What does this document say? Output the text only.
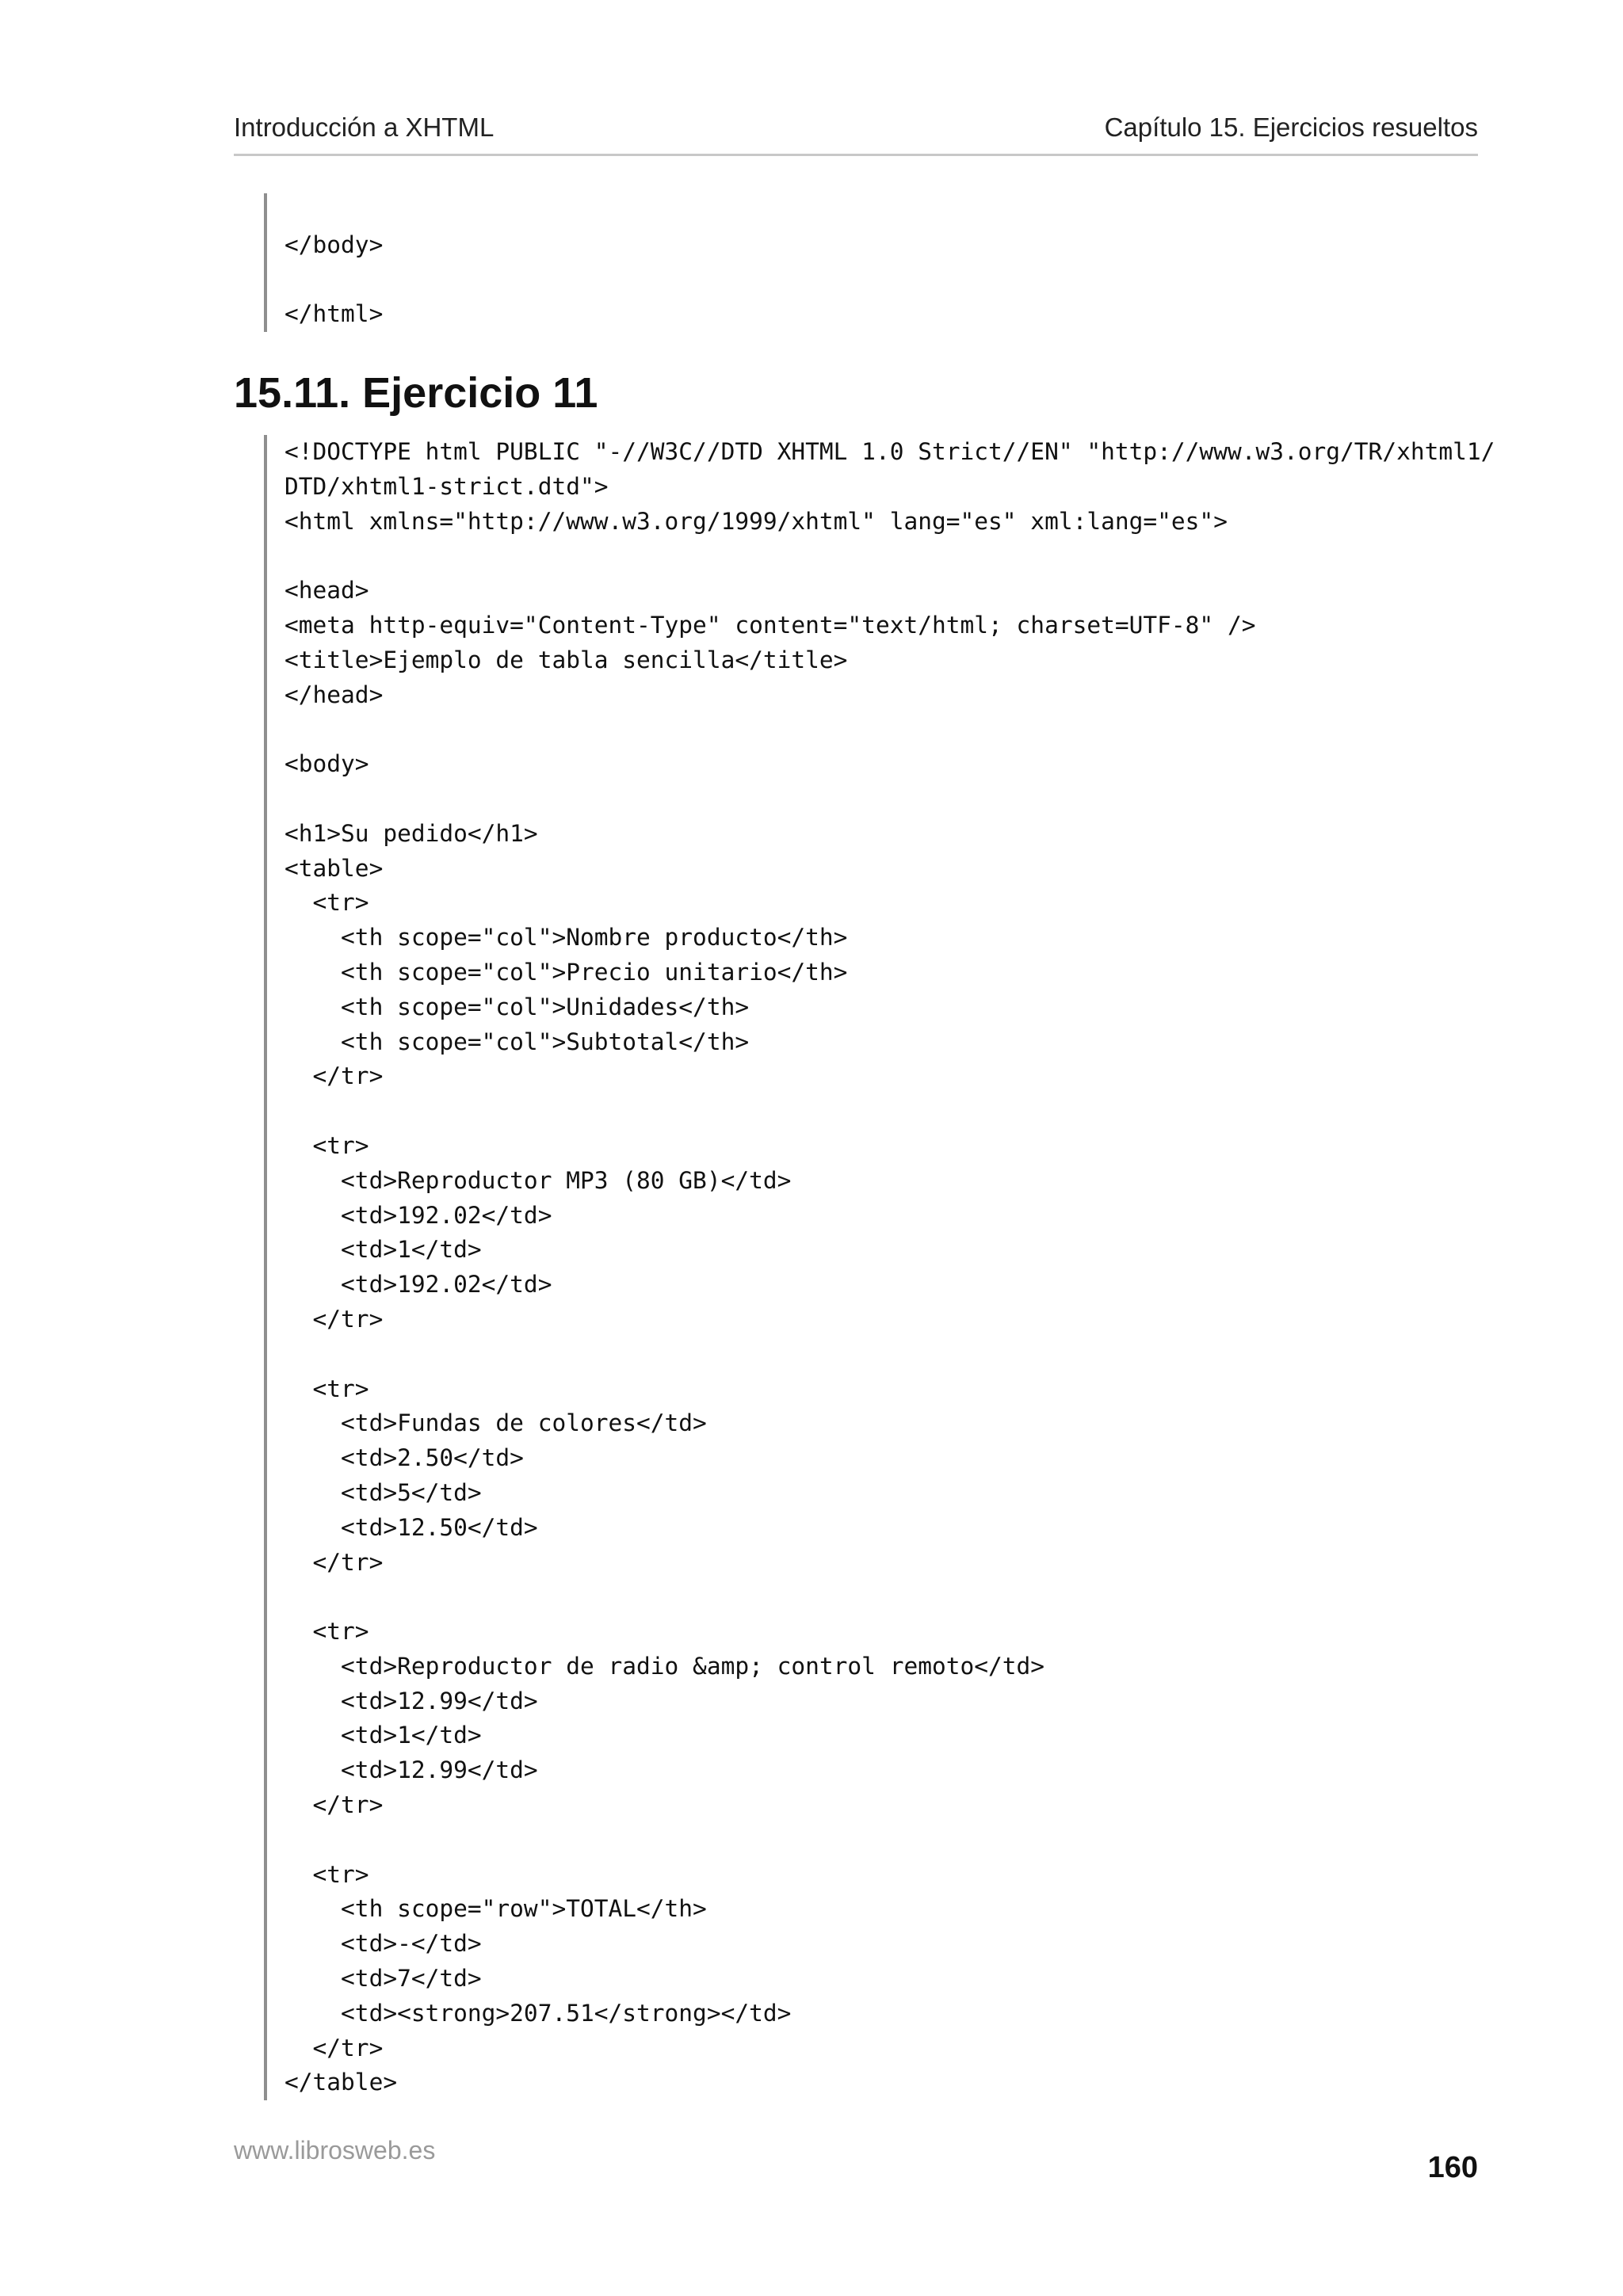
Introducción a XHTML	Capítulo 15. Ejercicios resueltos
</body>
</html>
15.11. Ejercicio 11
<!DOCTYPE html PUBLIC "-//W3C//DTD XHTML 1.0 Strict//EN" "http://www.w3.org/TR/xhtml1/
DTD/xhtml1-strict.dtd">
<html xmlns="http://www.w3.org/1999/xhtml" lang="es" xml:lang="es">
<head>
<meta http-equiv="Content-Type" content="text/html; charset=UTF-8" />
<title>Ejemplo de tabla sencilla</title>
</head>
<body>
<h1>Su pedido</h1>
<table>
<tr>
<th scope="col">Nombre producto</th>
<th scope="col">Precio unitario</th>
<th scope="col">Unidades</th>
<th scope="col">Subtotal</th>
</tr>
<tr>
<td>Reproductor MP3 (80 GB)</td>
<td>192.02</td>
<td>1</td>
<td>192.02</td>
</tr>
<tr>
<td>Fundas de colores</td>
<td>2.50</td>
<td>5</td>
<td>12.50</td>
</tr>
<tr>
<td>Reproductor de radio &amp; control remoto</td>
<td>12.99</td>
<td>1</td>
<td>12.99</td>
</tr>
<tr>
<th scope="row">TOTAL</th>
<td>-</td>
<td>7</td>
<td><strong>207.51</strong></td>
</tr>
</table>
www.librosweb.es
160
